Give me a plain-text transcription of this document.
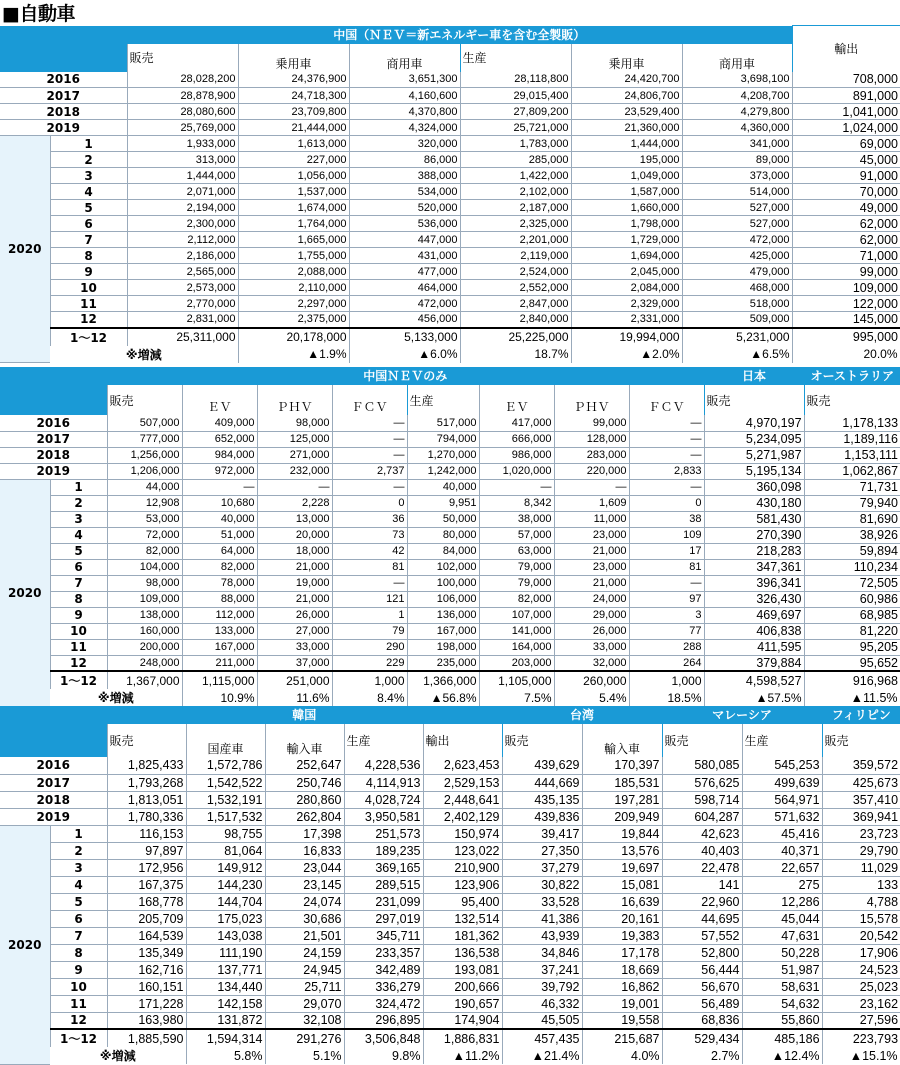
■自動車
		中国（ＮＥＶ＝新エネルギー車を含む全製販）						輸出	
		販売	乗用車	商用車	生産	乗用車	商用車		
2016		28,028,200	24,376,900	3,651,300	28,118,800	24,420,700	3,698,100	708,000	
2017		28,878,900	24,718,300	4,160,600	29,015,400	24,806,700	4,208,700	891,000	
2018		28,080,600	23,709,800	4,370,800	27,809,200	23,529,400	4,279,800	1,041,000	
2019		25,769,000	21,444,000	4,324,000	25,721,000	21,360,000	4,360,000	1,024,000	
2020	1	1,933,000	1,613,000	320,000	1,783,000	1,444,000	341,000	69,000	
	2	313,000	227,000	86,000	285,000	195,000	89,000	45,000	
	3	1,444,000	1,056,000	388,000	1,422,000	1,049,000	373,000	91,000	
	4	2,071,000	1,537,000	534,000	2,102,000	1,587,000	514,000	70,000	
	5	2,194,000	1,674,000	520,000	2,187,000	1,660,000	527,000	49,000	
	6	2,300,000	1,764,000	536,000	2,325,000	1,798,000	527,000	62,000	
	7	2,112,000	1,665,000	447,000	2,201,000	1,729,000	472,000	62,000	
	8	2,186,000	1,755,000	431,000	2,119,000	1,694,000	425,000	71,000	
	9	2,565,000	2,088,000	477,000	2,524,000	2,045,000	479,000	99,000	
	10	2,573,000	2,110,000	464,000	2,552,000	2,084,000	468,000	109,000	
	11	2,770,000	2,297,000	472,000	2,847,000	2,329,000	518,000	122,000	
	12	2,831,000	2,375,000	456,000	2,840,000	2,331,000	509,000	145,000	
	1～12	25,311,000	20,178,000	5,133,000	25,225,000	19,994,000	5,231,000	995,000	
	※増減		▲1.9%	▲6.0%	18.7%	▲2.0%	▲6.5%	20.0%	
		中国ＮＥＶのみ								日本	オーストラリア	
		販売	ＥＶ	ＰＨＶ	ＦＣＶ	生産	ＥＶ	ＰＨＶ	ＦＣＶ	販売	販売	
2016		507,000	409,000	98,000	—	517,000	417,000	99,000	—	4,970,197	1,178,133	
2017		777,000	652,000	125,000	—	794,000	666,000	128,000	—	5,234,095	1,189,116	
2018		1,256,000	984,000	271,000	—	1,270,000	986,000	283,000	—	5,271,987	1,153,111	
2019		1,206,000	972,000	232,000	2,737	1,242,000	1,020,000	220,000	2,833	5,195,134	1,062,867	
2020	1	44,000	—	—	—	40,000	—	—	—	360,098	71,731	
	2	12,908	10,680	2,228	0	9,951	8,342	1,609	0	430,180	79,940	
	3	53,000	40,000	13,000	36	50,000	38,000	11,000	38	581,430	81,690	
	4	72,000	51,000	20,000	73	80,000	57,000	23,000	109	270,390	38,926	
	5	82,000	64,000	18,000	42	84,000	63,000	21,000	17	218,283	59,894	
	6	104,000	82,000	21,000	81	102,000	79,000	23,000	81	347,361	110,234	
	7	98,000	78,000	19,000	—	100,000	79,000	21,000	—	396,341	72,505	
	8	109,000	88,000	21,000	121	106,000	82,000	24,000	97	326,430	60,986	
	9	138,000	112,000	26,000	1	136,000	107,000	29,000	3	469,697	68,985	
	10	160,000	133,000	27,000	79	167,000	141,000	26,000	77	406,838	81,220	
	11	200,000	167,000	33,000	290	198,000	164,000	33,000	288	411,595	95,205	
	12	248,000	211,000	37,000	229	235,000	203,000	32,000	264	379,884	95,652	
	1～12	1,367,000	1,115,000	251,000	1,000	1,366,000	1,105,000	260,000	1,000	4,598,527	916,968	
	※増減		10.9%	11.6%	8.4%	▲56.8%	7.5%	5.4%	18.5%	▲57.5%	▲11.5%	
		韓国					台湾		マレーシア		フィリピン	
		販売	国産車	輸入車	生産	輸出	販売	輸入車	販売	生産	販売	
2016		1,825,433	1,572,786	252,647	4,228,536	2,623,453	439,629	170,397	580,085	545,253	359,572	
2017		1,793,268	1,542,522	250,746	4,114,913	2,529,153	444,669	185,531	576,625	499,639	425,673	
2018		1,813,051	1,532,191	280,860	4,028,724	2,448,641	435,135	197,281	598,714	564,971	357,410	
2019		1,780,336	1,517,532	262,804	3,950,581	2,402,129	439,836	209,949	604,287	571,632	369,941	
2020	1	116,153	98,755	17,398	251,573	150,974	39,417	19,844	42,623	45,416	23,723	
	2	97,897	81,064	16,833	189,235	123,022	27,350	13,576	40,403	40,371	29,790	
	3	172,956	149,912	23,044	369,165	210,900	37,279	19,697	22,478	22,657	11,029	
	4	167,375	144,230	23,145	289,515	123,906	30,822	15,081	141	275	133	
	5	168,778	144,704	24,074	231,099	95,400	33,528	16,639	22,960	12,286	4,788	
	6	205,709	175,023	30,686	297,019	132,514	41,386	20,161	44,695	45,044	15,578	
	7	164,539	143,038	21,501	345,711	181,362	43,939	19,383	57,552	47,631	20,542	
	8	135,349	111,190	24,159	233,357	136,538	34,846	17,178	52,800	50,228	17,906	
	9	162,716	137,771	24,945	342,489	193,081	37,241	18,669	56,444	51,987	24,523	
	10	160,151	134,440	25,711	336,279	200,666	39,792	16,862	56,670	58,631	25,023	
	11	171,228	142,158	29,070	324,472	190,657	46,332	19,001	56,489	54,632	23,162	
	12	163,980	131,872	32,108	296,895	174,904	45,505	19,558	68,836	55,860	27,596	
	1～12	1,885,590	1,594,314	291,276	3,506,848	1,886,831	457,435	215,687	529,434	485,186	223,793	
	※増減		5.8%	5.1%	9.8%	▲11.2%	▲21.4%	4.0%	2.7%	▲12.4%	▲15.1%	
